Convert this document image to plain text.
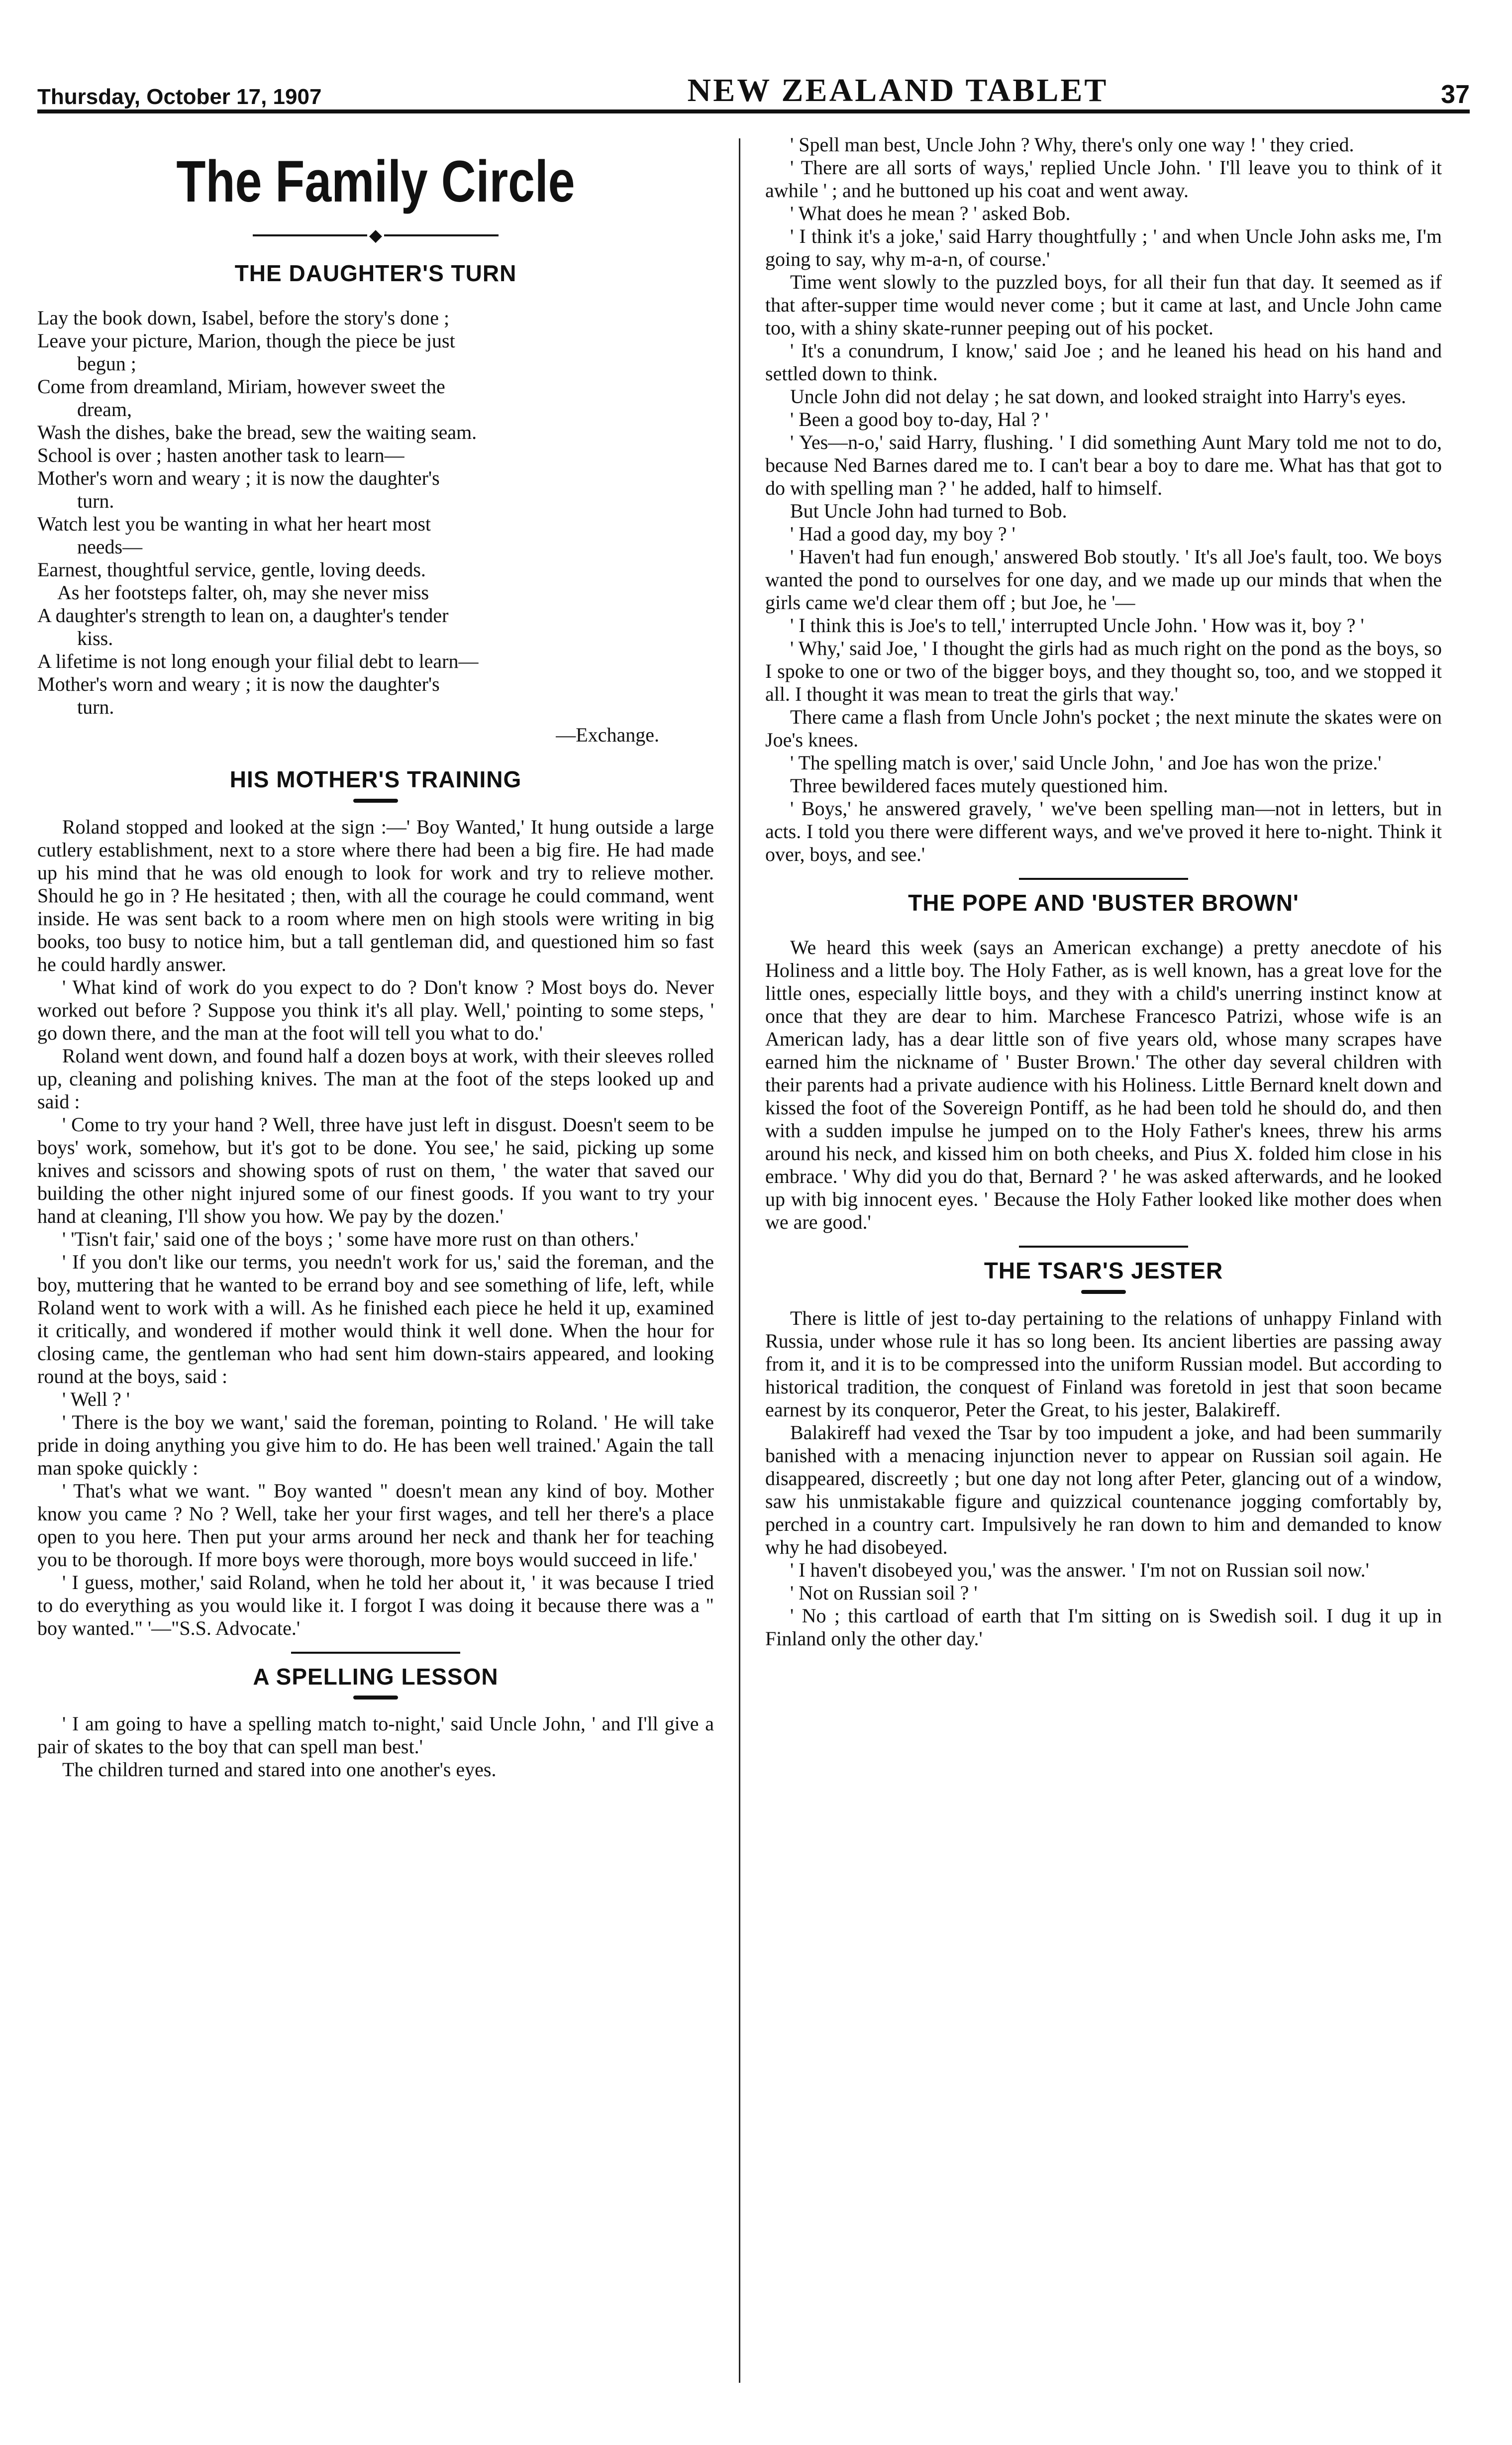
Thursday, October 17, 1907	NEW ZEALAND TABLET	37
The Family Circle
◆
THE DAUGHTER'S TURN
Lay the book down, Isabel, before the story's done ;
Leave your picture, Marion, though the piece be just
begun ;
Come from dreamland, Miriam, however sweet the
dream,
Wash the dishes, bake the bread, sew the waiting seam.
School is over ; hasten another task to learn—
Mother's worn and weary ; it is now the daughter's
turn.
Watch lest you be wanting in what her heart most
needs—
Earnest, thoughtful service, gentle, loving deeds.
As her footsteps falter, oh, may she never miss
A daughter's strength to lean on, a daughter's tender
kiss.
A lifetime is not long enough your filial debt to learn—
Mother's worn and weary ; it is now the daughter's
turn.
—Exchange.
HIS MOTHER'S TRAINING

Roland stopped and looked at the sign :—' Boy Wanted,' It hung outside a large cutlery establishment, next to a store where there had been a big fire. He had made up his mind that he was old enough to look for work and try to relieve mother. Should he go in ? He hesitated ; then, with all the courage he could command, went inside. He was sent back to a room where men on high stools were writing in big books, too busy to notice him, but a tall gentleman did, and questioned him so fast he could hardly answer.

' What kind of work do you expect to do ? Don't know ? Most boys do. Never worked out before ? Suppose you think it's all play. Well,' pointing to some steps, ' go down there, and the man at the foot will tell you what to do.'

Roland went down, and found half a dozen boys at work, with their sleeves rolled up, cleaning and polishing knives. The man at the foot of the steps looked up and said :

' Come to try your hand ? Well, three have just left in disgust. Doesn't seem to be boys' work, somehow, but it's got to be done. You see,' he said, picking up some knives and scissors and showing spots of rust on them, ' the water that saved our building the other night injured some of our finest goods. If you want to try your hand at cleaning, I'll show you how. We pay by the dozen.'

' 'Tisn't fair,' said one of the boys ; ' some have more rust on than others.'

' If you don't like our terms, you needn't work for us,' said the foreman, and the boy, muttering that he wanted to be errand boy and see something of life, left, while Roland went to work with a will. As he finished each piece he held it up, examined it critically, and wondered if mother would think it well done. When the hour for closing came, the gentleman who had sent him down-stairs appeared, and looking round at the boys, said :

' Well ? '

' There is the boy we want,' said the foreman, pointing to Roland. ' He will take pride in doing anything you give him to do. He has been well trained.' Again the tall man spoke quickly :

' That's what we want. " Boy wanted " doesn't mean any kind of boy. Mother know you came ? No ? Well, take her your first wages, and tell her there's a place open to you here. Then put your arms around her neck and thank her for teaching you to be thorough. If more boys were thorough, more boys would succeed in life.'

' I guess, mother,' said Roland, when he told her about it, ' it was because I tried to do everything as you would like it. I forgot I was doing it because there was a " boy wanted." '—"S.S. Advocate.'

A SPELLING LESSON

' I am going to have a spelling match to-night,' said Uncle John, ' and I'll give a pair of skates to the boy that can spell man best.'

The children turned and stared into one another's eyes.

' Spell man best, Uncle John ? Why, there's only one way ! ' they cried.

' There are all sorts of ways,' replied Uncle John. ' I'll leave you to think of it awhile ' ; and he buttoned up his coat and went away.

' What does he mean ? ' asked Bob.

' I think it's a joke,' said Harry thoughtfully ; ' and when Uncle John asks me, I'm going to say, why m-a-n, of course.'

Time went slowly to the puzzled boys, for all their fun that day. It seemed as if that after-supper time would never come ; but it came at last, and Uncle John came too, with a shiny skate-runner peeping out of his pocket.

' It's a conundrum, I know,' said Joe ; and he leaned his head on his hand and settled down to think.

Uncle John did not delay ; he sat down, and looked straight into Harry's eyes.

' Been a good boy to-day, Hal ? '

' Yes—n-o,' said Harry, flushing. ' I did something Aunt Mary told me not to do, because Ned Barnes dared me to. I can't bear a boy to dare me. What has that got to do with spelling man ? ' he added, half to himself.

But Uncle John had turned to Bob.

' Had a good day, my boy ? '

' Haven't had fun enough,' answered Bob stoutly. ' It's all Joe's fault, too. We boys wanted the pond to ourselves for one day, and we made up our minds that when the girls came we'd clear them off ; but Joe, he '—

' I think this is Joe's to tell,' interrupted Uncle John. ' How was it, boy ? '

' Why,' said Joe, ' I thought the girls had as much right on the pond as the boys, so I spoke to one or two of the bigger boys, and they thought so, too, and we stopped it all. I thought it was mean to treat the girls that way.'

There came a flash from Uncle John's pocket ; the next minute the skates were on Joe's knees.

' The spelling match is over,' said Uncle John, ' and Joe has won the prize.'

Three bewildered faces mutely questioned him.

' Boys,' he answered gravely, ' we've been spelling man—not in letters, but in acts. I told you there were different ways, and we've proved it here to-night. Think it over, boys, and see.'

THE POPE AND 'BUSTER BROWN'

We heard this week (says an American exchange) a pretty anecdote of his Holiness and a little boy. The Holy Father, as is well known, has a great love for the little ones, especially little boys, and they with a child's unerring instinct know at once that they are dear to him. Marchese Francesco Patrizi, whose wife is an American lady, has a dear little son of five years old, whose many scrapes have earned him the nickname of ' Buster Brown.' The other day several children with their parents had a private audience with his Holiness. Little Bernard knelt down and kissed the foot of the Sovereign Pontiff, as he had been told he should do, and then with a sudden impulse he jumped on to the Holy Father's knees, threw his arms around his neck, and kissed him on both cheeks, and Pius X. folded him close in his embrace. ' Why did you do that, Bernard ? ' he was asked afterwards, and he looked up with big innocent eyes. ' Because the Holy Father looked like mother does when we are good.'

THE TSAR'S JESTER

There is little of jest to-day pertaining to the relations of unhappy Finland with Russia, under whose rule it has so long been. Its ancient liberties are passing away from it, and it is to be compressed into the uniform Russian model. But according to historical tradition, the conquest of Finland was foretold in jest that soon became earnest by its conqueror, Peter the Great, to his jester, Balakireff.

Balakireff had vexed the Tsar by too impudent a joke, and had been summarily banished with a menacing injunction never to appear on Russian soil again. He disappeared, discreetly ; but one day not long after Peter, glancing out of a window, saw his unmistakable figure and quizzical countenance jogging comfortably by, perched in a country cart. Impulsively he ran down to him and demanded to know why he had disobeyed.

' I haven't disobeyed you,' was the answer. ' I'm not on Russian soil now.'

' Not on Russian soil ? '

' No ; this cartload of earth that I'm sitting on is Swedish soil. I dug it up in Finland only the other day.'
